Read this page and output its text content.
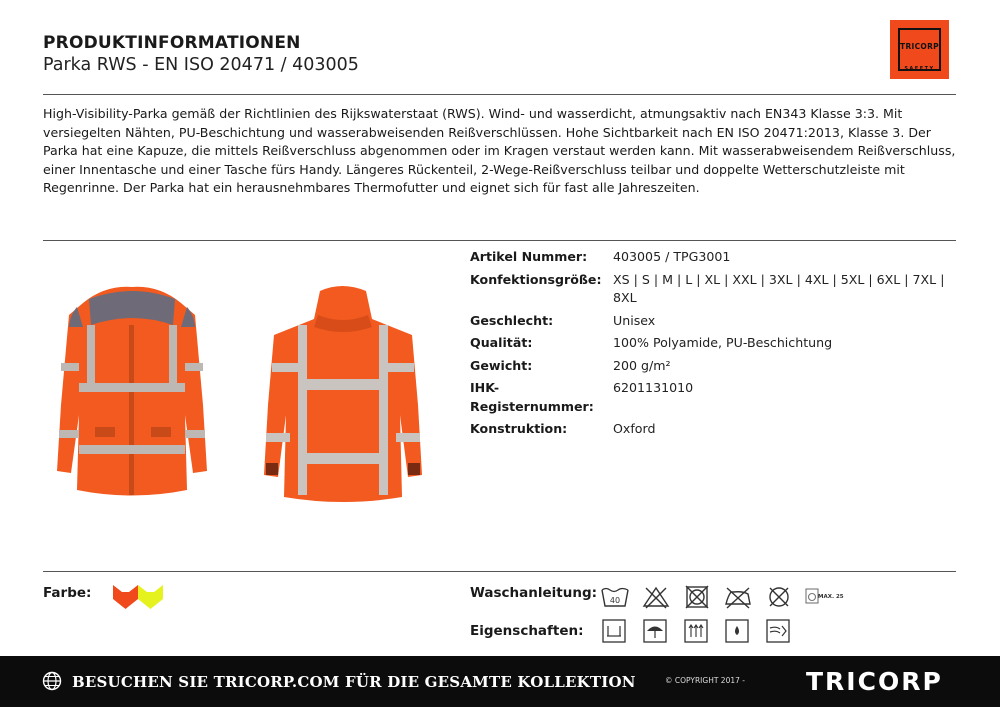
PRODUKTINFORMATIONEN
Parka RWS - EN ISO 20471 / 403005
TRICORP
SAFETY
High-Visibility-Parka gemäß der Richtlinien des Rijkswaterstaat (RWS). Wind- und wasserdicht, atmungsaktiv nach EN343 Klasse 3:3. Mit versiegelten Nähten, PU-Beschichtung und wasserabweisenden Reißverschlüssen. Hohe Sichtbarkeit nach EN ISO 20471:2013, Klasse 3. Der Parka hat eine Kapuze, die mittels Reißverschluss abgenommen oder im Kragen verstaut werden kann. Mit wasserabweisendem Reißverschluss, einer Innentasche und einer Tasche fürs Handy. Längeres Rückenteil, 2-Wege-Reißverschluss teilbar und doppelte Wetterschutzleiste mit Regenrinne. Der Parka hat ein herausnehmbares Thermofutter und eignet sich für fast alle Jahreszeiten.
Artikel Nummer:	403005 / TPG3001
Konfektionsgröße: XS | S | M | L | XL | XXL | 3XL | 4XL | 5XL | 6XL | 7XL | 8XL
Geschlecht:	Unisex
Qualität:	100% Polyamide, PU-Beschichtung
Gewicht:	200 g/m²
IHK-Registernummer:
6201131010
Konstruktion:	Oxford
Farbe:	Waschanleitung: 40	MAX. 25
Eigenschaften:
BESUCHEN SIE TRICORP.COM FÜR DIE GESAMTE KOLLEKTION	© COPYRIGHT 2017 - TRICORP
